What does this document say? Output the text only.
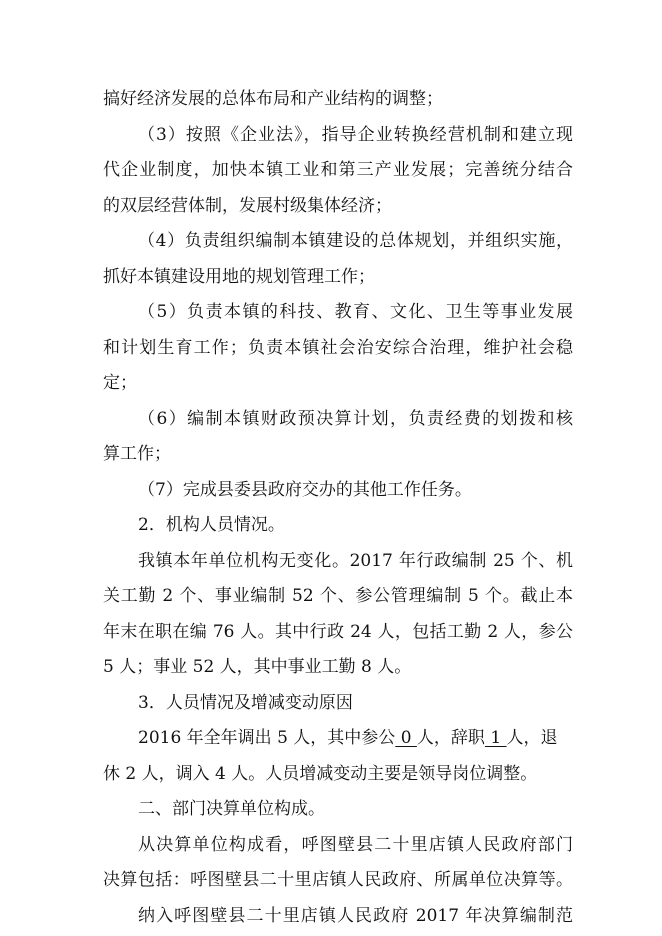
搞好经济发展的总体布局和产业结构的调整；
（3）按照《企业法》，指导企业转换经营机制和建立现
代企业制度，加快本镇工业和第三产业发展；完善统分结合
的双层经营体制，发展村级集体经济；
（4）负责组织编制本镇建设的总体规划，并组织实施，
抓好本镇建设用地的规划管理工作；
（5）负责本镇的科技、教育、文化、卫生等事业发展
和计划生育工作；负责本镇社会治安综合治理，维护社会稳
定；
（6）编制本镇财政预决算计划，负责经费的划拨和核
算工作；
（7）完成县委县政府交办的其他工作任务。
2．机构人员情况。
我镇本年单位机构无变化。2017 年行政编制 25 个、机
关工勤 2 个、事业编制 52 个、参公管理编制 5 个。截止本
年末在职在编 76 人。其中行政 24 人，包括工勤 2 人，参公
5 人；事业 52 人，其中事业工勤 8 人。
3．人员情况及增减变动原因
2016 年全年调出 5 人，其中参公 0 人，辞职 1 人，退
休 2 人，调入 4 人。人员增减变动主要是领导岗位调整。
二、部门决算单位构成。
从决算单位构成看，呼图壁县二十里店镇人民政府部门
决算包括：呼图壁县二十里店镇人民政府、所属单位决算等。
纳入呼图壁县二十里店镇人民政府 2017 年决算编制范
